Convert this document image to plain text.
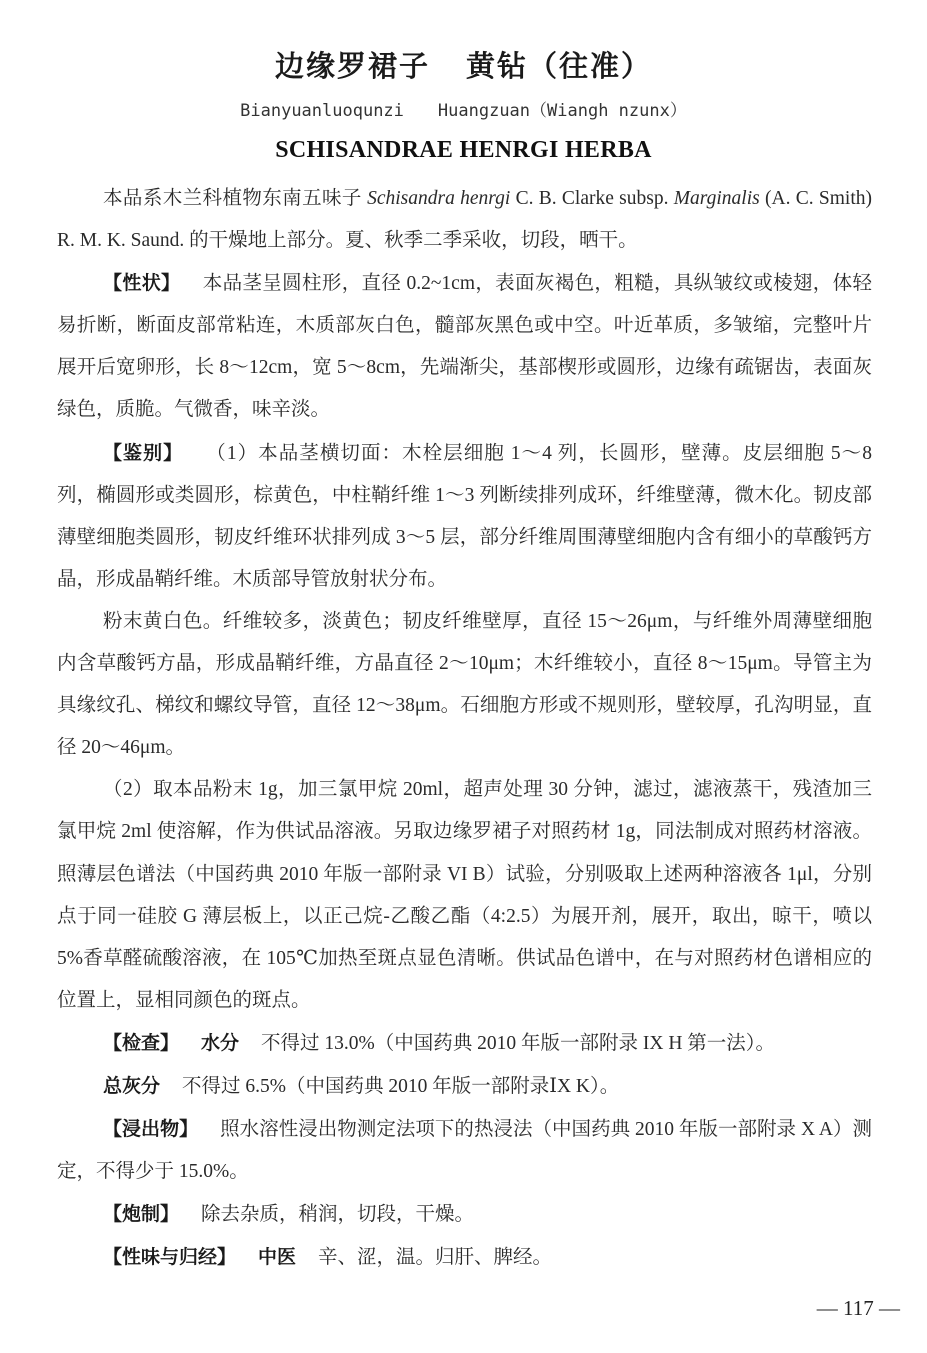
边缘罗裙子 黄钻（往准）
Bianyuanluoqunzi Huangzuan（Wiangh nzunx）
SCHISANDRAE HENRGI HERBA

本品系木兰科植物东南五味子 Schisandra henrgi C. B. Clarke subsp. Marginalis (A. C. Smith) R. M. K. Saund. 的干燥地上部分。夏、秋季二季采收，切段，晒干。

【性状】 本品茎呈圆柱形，直径 0.2~1cm，表面灰褐色，粗糙，具纵皱纹或棱翅，体轻易折断，断面皮部常粘连，木质部灰白色，髓部灰黑色或中空。叶近革质，多皱缩，完整叶片展开后宽卵形，长 8～12cm，宽 5～8cm，先端渐尖，基部楔形或圆形，边缘有疏锯齿，表面灰绿色，质脆。气微香，味辛淡。

【鉴别】 （1）本品茎横切面：木栓层细胞 1～4 列，长圆形，壁薄。皮层细胞 5～8 列，椭圆形或类圆形，棕黄色，中柱鞘纤维 1～3 列断续排列成环，纤维壁薄，微木化。韧皮部薄壁细胞类圆形，韧皮纤维环状排列成 3～5 层，部分纤维周围薄壁细胞内含有细小的草酸钙方晶，形成晶鞘纤维。木质部导管放射状分布。

粉末黄白色。纤维较多，淡黄色；韧皮纤维壁厚，直径 15～26μm，与纤维外周薄壁细胞内含草酸钙方晶，形成晶鞘纤维，方晶直径 2～10μm；木纤维较小，直径 8～15μm。导管主为具缘纹孔、梯纹和螺纹导管，直径 12～38μm。石细胞方形或不规则形，壁较厚，孔沟明显，直径 20～46μm。

（2）取本品粉末 1g，加三氯甲烷 20ml，超声处理 30 分钟，滤过，滤液蒸干，残渣加三氯甲烷 2ml 使溶解，作为供试品溶液。另取边缘罗裙子对照药材 1g，同法制成对照药材溶液。照薄层色谱法（中国药典 2010 年版一部附录 VI B）试验，分别吸取上述两种溶液各 1μl，分别点于同一硅胶 G 薄层板上，以正己烷-乙酸乙酯（4:2.5）为展开剂，展开，取出，晾干，喷以 5%香草醛硫酸溶液，在 105℃加热至斑点显色清晰。供试品色谱中，在与对照药材色谱相应的位置上，显相同颜色的斑点。

【检查】 水分 不得过 13.0%（中国药典 2010 年版一部附录 IX H 第一法）。

总灰分 不得过 6.5%（中国药典 2010 年版一部附录ⅠX K）。

【浸出物】 照水溶性浸出物测定法项下的热浸法（中国药典 2010 年版一部附录 X A）测定，不得少于 15.0%。

【炮制】 除去杂质，稍润，切段，干燥。

【性味与归经】 中医 辛、涩，温。归肝、脾经。

— 117 —
